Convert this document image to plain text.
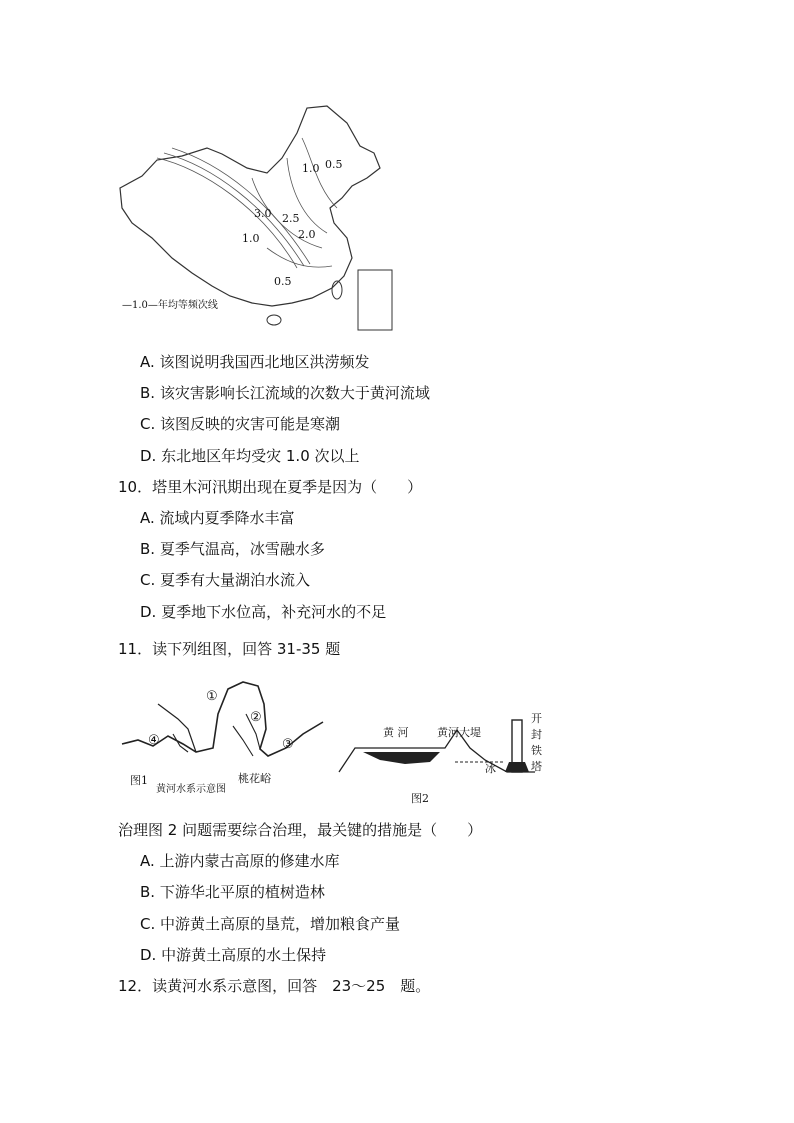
1.0 0.5
3.0 2.5
1.0	2.0
0.5
—1.0—年均等频次线
A. 该图说明我国西北地区洪涝频发
B. 该灾害影响长江流域的次数大于黄河流域
C. 该图反映的灾害可能是寒潮
D. 东北地区年均受灾 1.0 次以上
10．塔里木河汛期出现在夏季是因为（　　）
A. 流域内夏季降水丰富
B. 夏季气温高，冰雪融水多
C. 夏季有大量湖泊水流入
D. 夏季地下水位高，补充河水的不足
11．读下列组图，回答 31-35 题
①
②
③
④
桃花峪
图1
黄河水系示意图
黄 河	黄河大堤
冰
开
封
铁
塔
图2
治理图 2 问题需要综合治理，最关键的措施是（　　）
A. 上游内蒙古高原的修建水库
B. 下游华北平原的植树造林
C. 中游黄土高原的垦荒，增加粮食产量
D. 中游黄土高原的水土保持
12．读黄河水系示意图，回答　23～25　题。
